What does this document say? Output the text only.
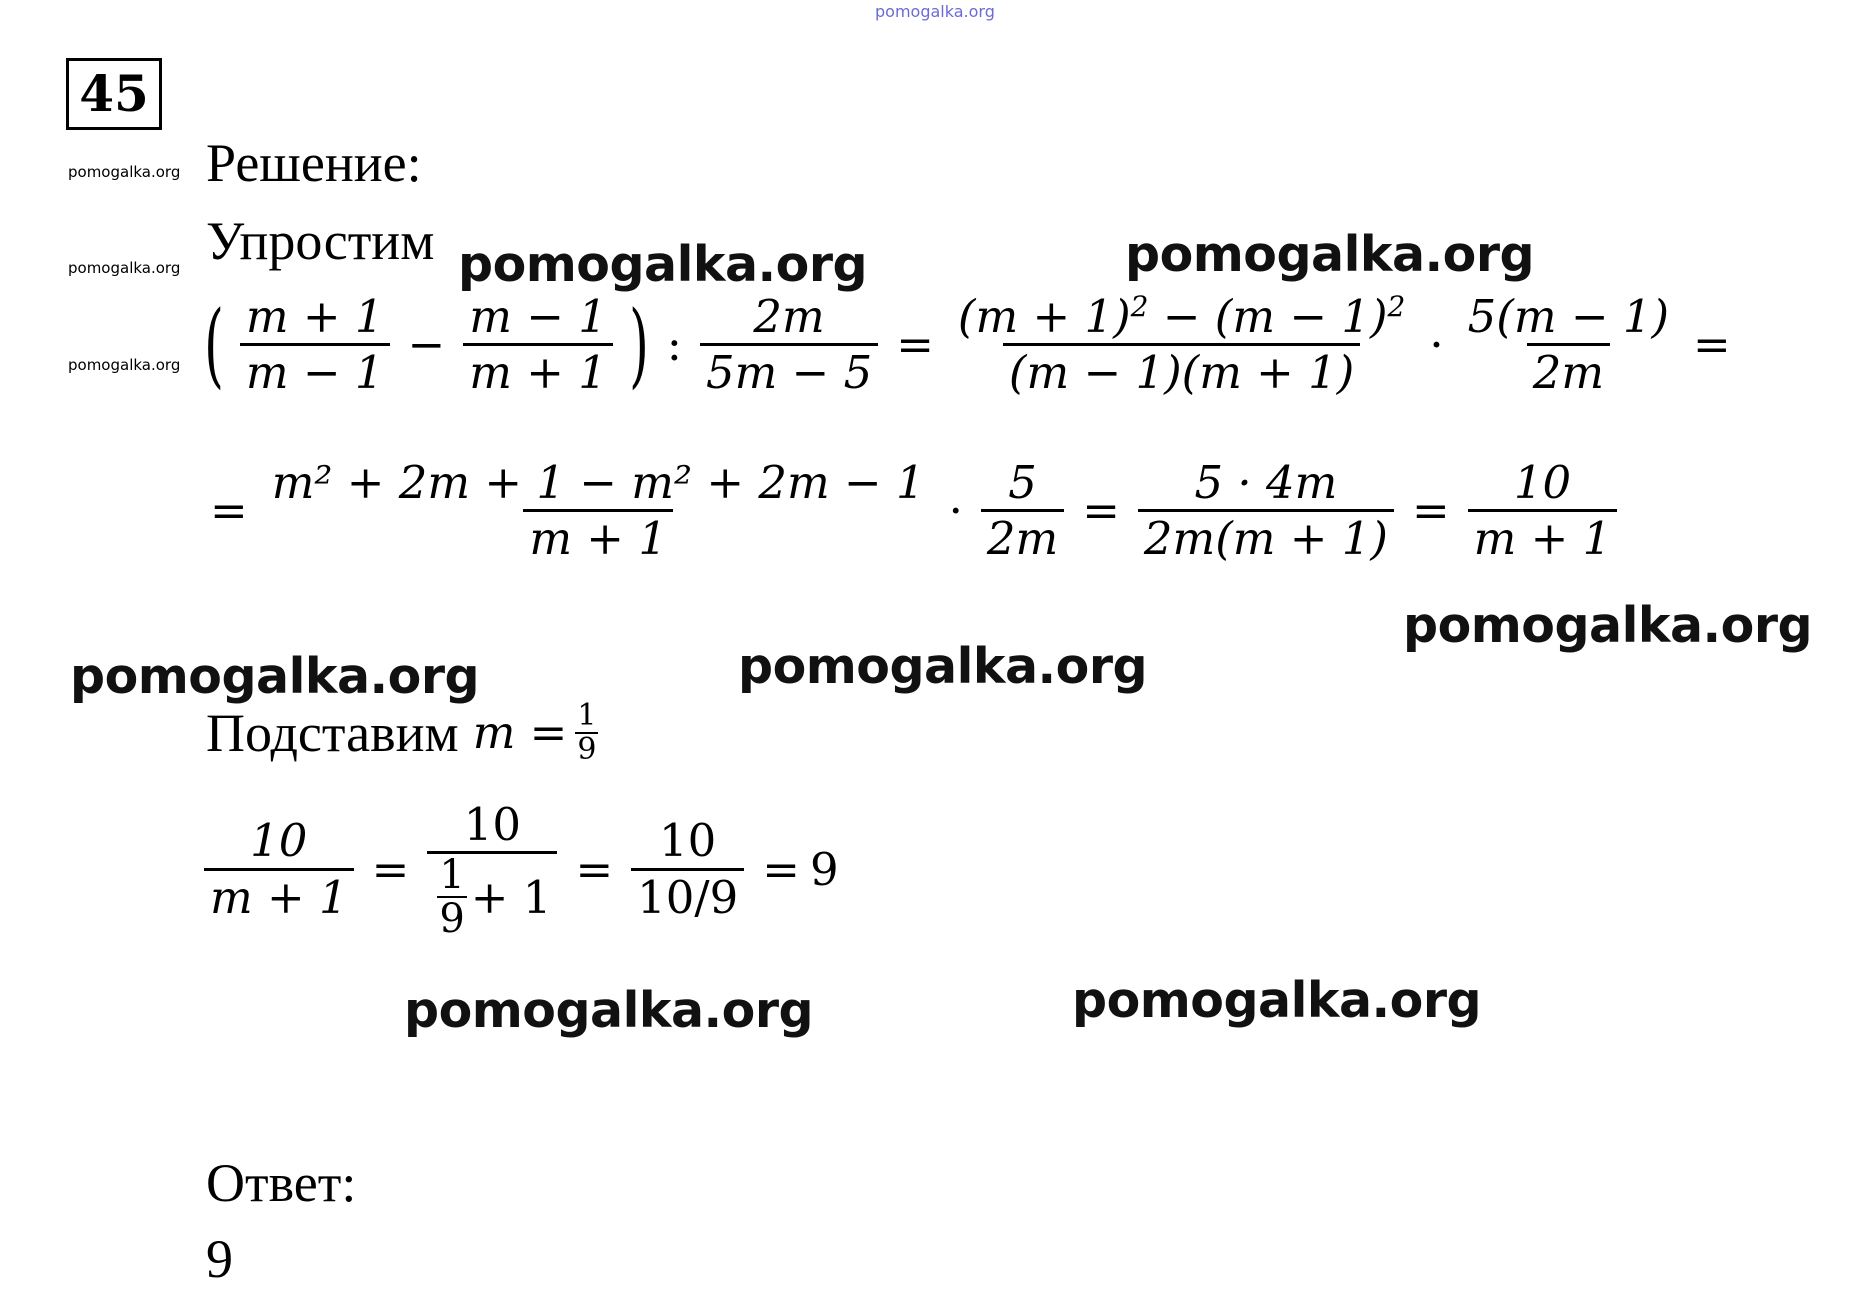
pomogalka.org
45
pomogalka.org
pomogalka.org
pomogalka.org
Решение:
Упростим pomogalka.org	pomogalka.org
( $\frac{m + 1}{m - 1} - \frac{m - 1}{m + 1}$ ) : $\frac{2m}{5m - 5} = \frac{(m + 1)^2 - (m - 1)^2}{(m - 1)(m + 1)} \cdot \frac{5(m - 1)}{2m}$ =
= $\frac{\text{m² + 2m + 1 − m² + 2m − 1}}{m + 1} \cdot \frac{5}{2m} = \frac{5 \cdot 4m}{2m(m + 1)} = \frac{10}{m + 1}$
pomogalka.org
pomogalka.org	pomogalka.org
Подставим $m = \frac{1}{9}$
$\frac{10}{m + 1} = \frac{10}{\frac{1}{9} + 1} = \frac{10}{10/9} = 9$
pomogalka.org	pomogalka.org
Ответ:
9
